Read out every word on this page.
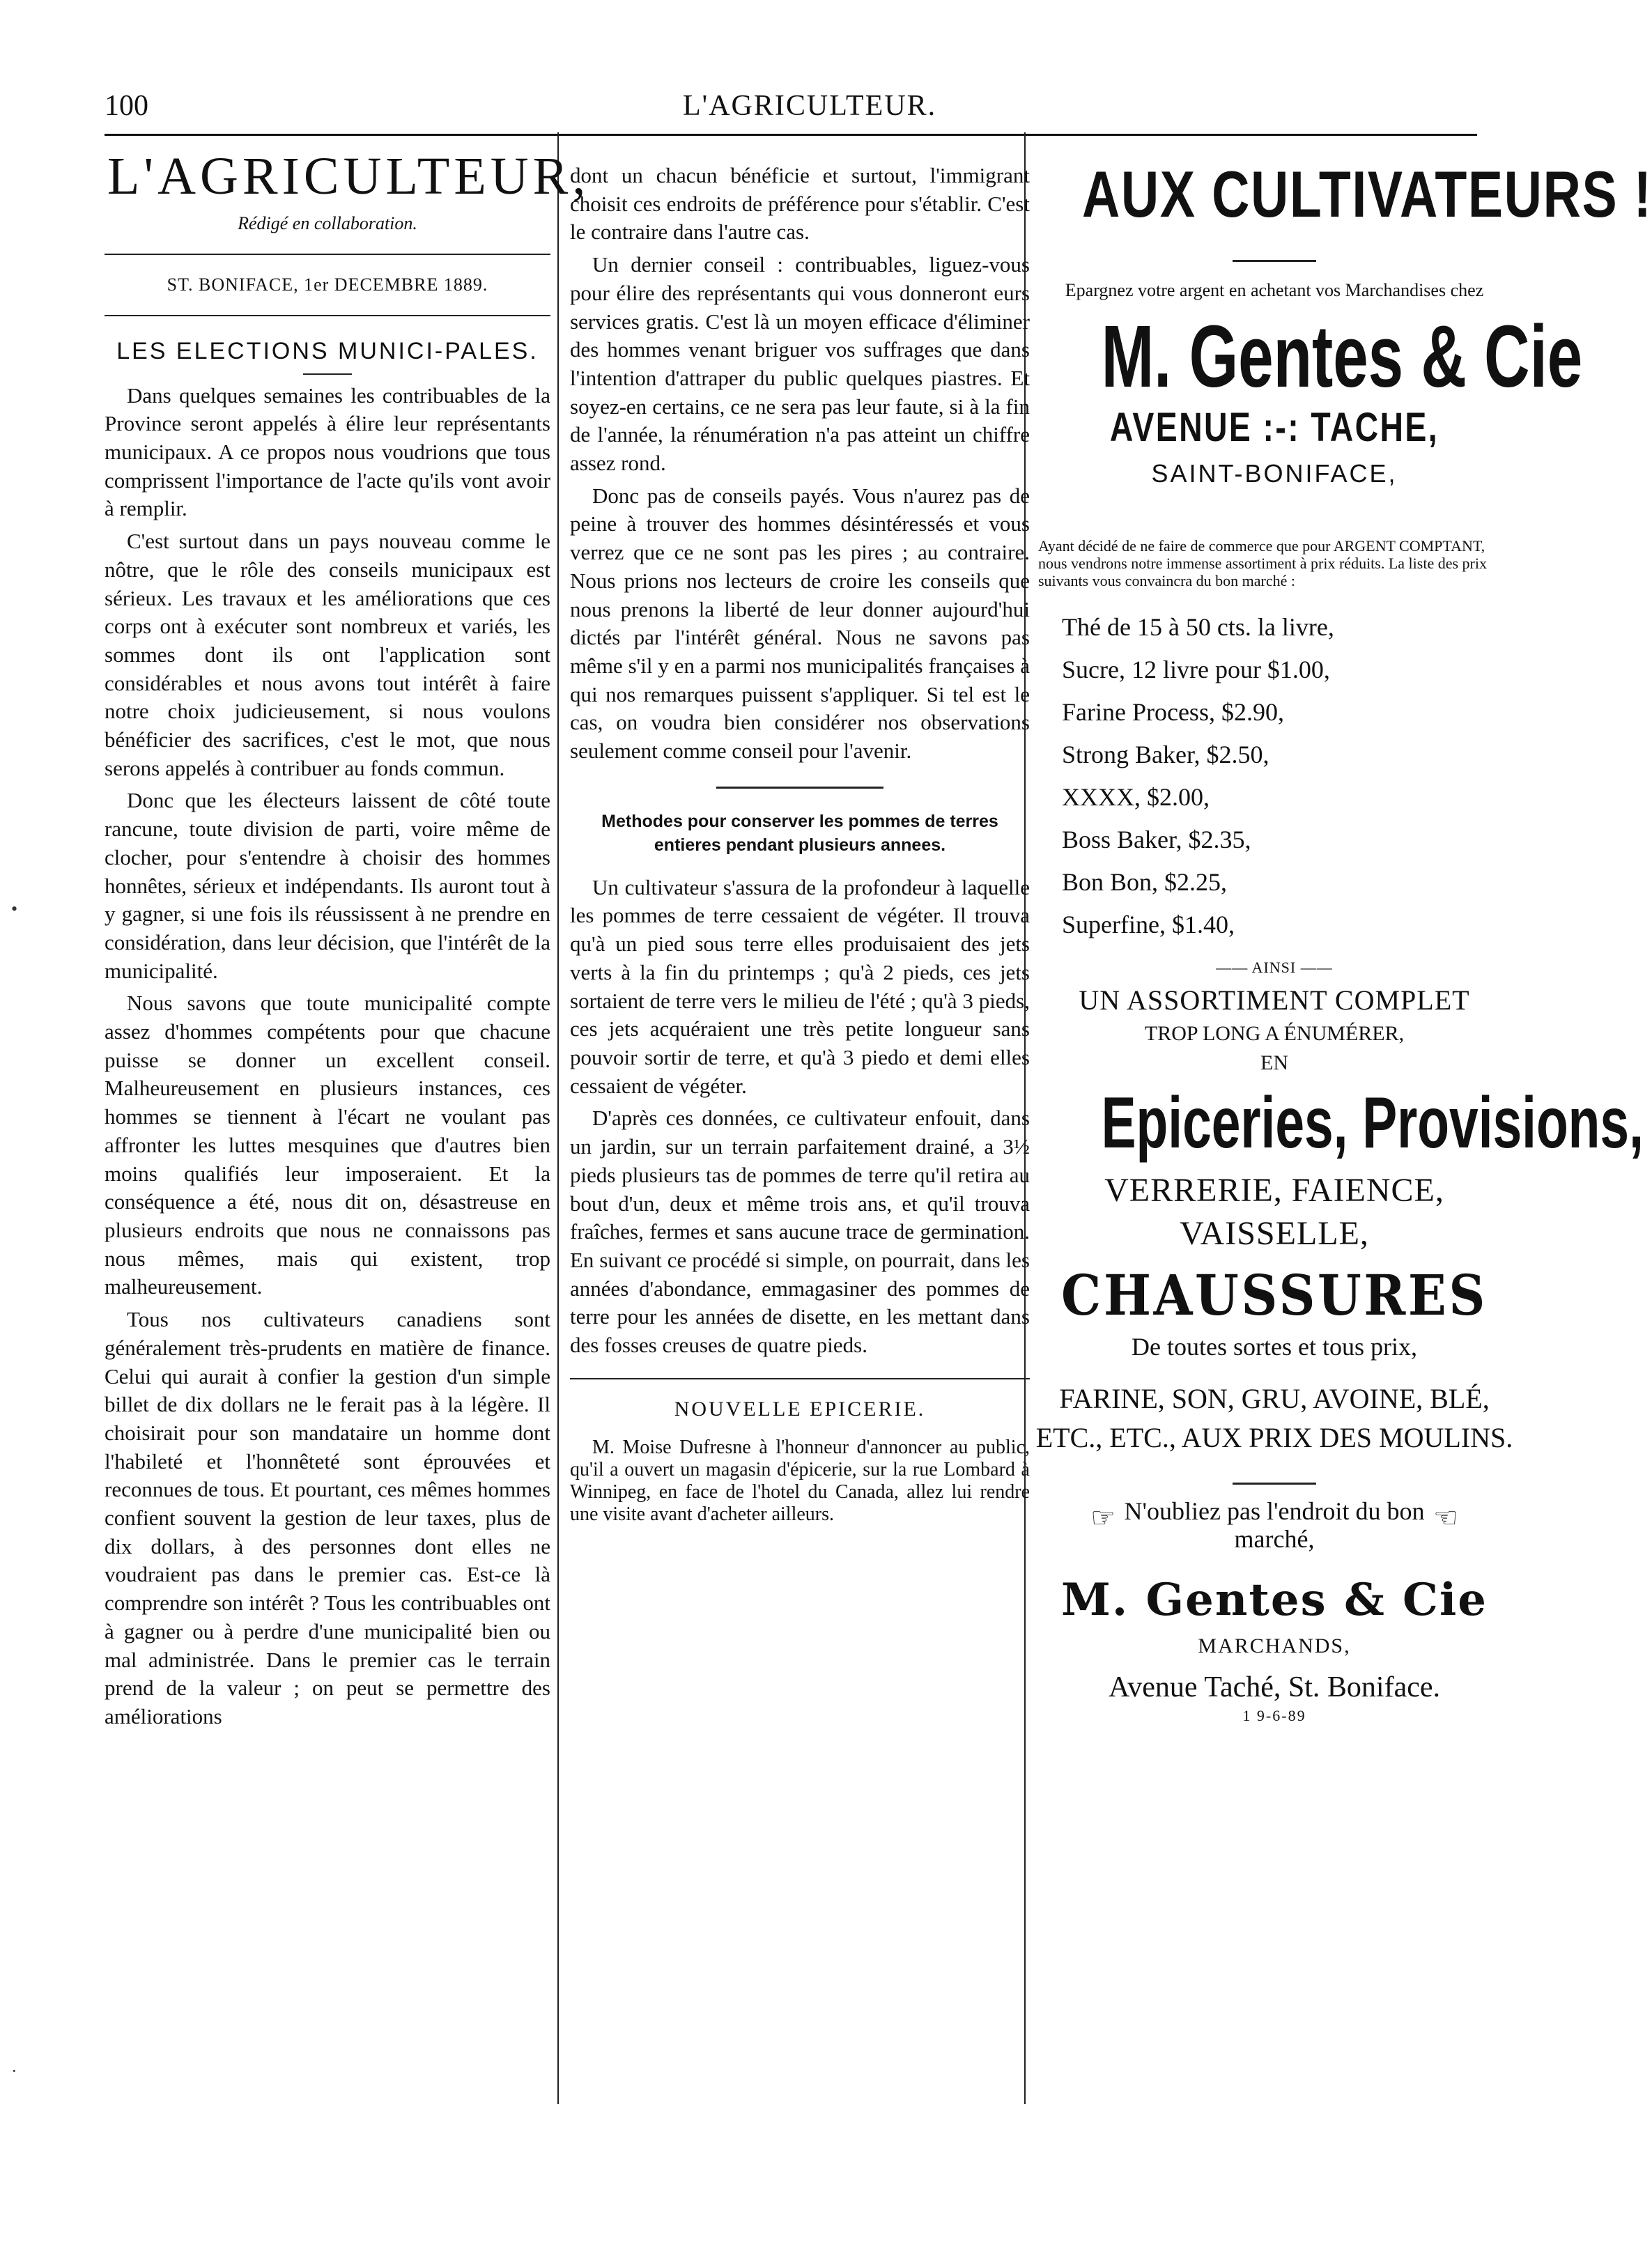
100	L'AGRICULTEUR.
•
·
L'AGRICULTEUR,
Rédigé en collaboration.
ST. BONIFACE, 1er DECEMBRE 1889.
LES ELECTIONS MUNICI-PALES.

Dans quelques semaines les contribuables de la Province seront appelés à élire leur représentants municipaux. A ce propos nous voudrions que tous comprissent l'importance de l'acte qu'ils vont avoir à remplir.

C'est surtout dans un pays nouveau comme le nôtre, que le rôle des conseils municipaux est sérieux. Les travaux et les améliorations que ces corps ont à exécuter sont nombreux et variés, les sommes dont ils ont l'application sont considérables et nous avons tout intérêt à faire notre choix judicieusement, si nous voulons bénéficier des sacrifices, c'est le mot, que nous serons appelés à contribuer au fonds commun.

Donc que les électeurs laissent de côté toute rancune, toute division de parti, voire même de clocher, pour s'entendre à choisir des hommes honnêtes, sérieux et indépendants. Ils auront tout à y gagner, si une fois ils réussissent à ne prendre en considération, dans leur décision, que l'intérêt de la municipalité.

Nous savons que toute municipalité compte assez d'hommes compétents pour que chacune puisse se donner un excellent conseil. Malheureusement en plusieurs instances, ces hommes se tiennent à l'écart ne voulant pas affronter les luttes mesquines que d'autres bien moins qualifiés leur imposeraient. Et la conséquence a été, nous dit on, désastreuse en plusieurs endroits que nous ne connaissons pas nous mêmes, mais qui existent, trop malheureusement.

Tous nos cultivateurs canadiens sont généralement très-prudents en matière de finance. Celui qui aurait à confier la gestion d'un simple billet de dix dollars ne le ferait pas à la légère. Il choisirait pour son mandataire un homme dont l'habileté et l'honnêteté sont éprouvées et reconnues de tous. Et pourtant, ces mêmes hommes confient souvent la gestion de leur taxes, plus de dix dollars, à des personnes dont elles ne voudraient pas dans le premier cas. Est-ce là comprendre son intérêt ? Tous les contribuables ont à gagner ou à perdre d'une municipalité bien ou mal administrée. Dans le premier cas le terrain prend de la valeur ; on peut se permettre des améliorations

dont un chacun bénéficie et surtout, l'immigrant choisit ces endroits de préférence pour s'établir. C'est le contraire dans l'autre cas.

Un dernier conseil : contribuables, liguez-vous pour élire des représentants qui vous donneront eurs services gratis. C'est là un moyen efficace d'éliminer des hommes venant briguer vos suffrages que dans l'intention d'attraper du public quelques piastres. Et soyez-en certains, ce ne sera pas leur faute, si à la fin de l'année, la rénumération n'a pas atteint un chiffre assez rond.

Donc pas de conseils payés. Vous n'aurez pas de peine à trouver des hommes désintéressés et vous verrez que ce ne sont pas les pires ; au contraire. Nous prions nos lecteurs de croire les conseils que nous prenons la liberté de leur donner aujourd'hui dictés par l'intérêt général. Nous ne savons pas même s'il y en a parmi nos municipalités françaises à qui nos remarques puissent s'appliquer. Si tel est le cas, on voudra bien considérer nos observations seulement comme conseil pour l'avenir.

Methodes pour conserver les pommes de terres entieres pendant plusieurs annees.

Un cultivateur s'assura de la profondeur à laquelle les pommes de terre cessaient de végéter. Il trouva qu'à un pied sous terre elles produisaient des jets verts à la fin du printemps ; qu'à 2 pieds, ces jets sortaient de terre vers le milieu de l'été ; qu'à 3 pieds, ces jets acquéraient une très petite longueur sans pouvoir sortir de terre, et qu'à 3 piedo et demi elles cessaient de végéter.

D'après ces données, ce cultivateur enfouit, dans un jardin, sur un terrain parfaitement drainé, a 3½ pieds plusieurs tas de pommes de terre qu'il retira au bout d'un, deux et même trois ans, et qu'il trouva fraîches, fermes et sans aucune trace de germination. En suivant ce procédé si simple, on pourrait, dans les années d'abondance, emmagasiner des pommes de terre pour les années de disette, en les mettant dans des fosses creuses de quatre pieds.

NOUVELLE EPICERIE.

M. Moise Dufresne à l'honneur d'annoncer au public, qu'il a ouvert un magasin d'épicerie, sur la rue Lombard à Winnipeg, en face de l'hotel du Canada, allez lui rendre une visite avant d'acheter ailleurs.

AUX CULTIVATEURS !
Epargnez votre argent en achetant vos Marchandises chez
M. Gentes & Cie
AVENUE :-: TACHE,
SAINT-BONIFACE,
Ayant décidé de ne faire de commerce que pour ARGENT COMPTANT, nous vendrons notre immense assortiment à prix réduits. La liste des prix suivants vous convaincra du bon marché :
Thé de 15 à 50 cts. la livre,
Sucre, 12 livre pour $1.00,
Farine Process, $2.90,
Strong Baker, $2.50,
XXXX, $2.00,
Boss Baker, $2.35,
Bon Bon, $2.25,
Superfine, $1.40,
—— AINSI ——
UN ASSORTIMENT COMPLET
TROP LONG A ÉNUMÉRER,
EN
Epiceries, Provisions,
VERRERIE, FAIENCE, VAISSELLE,
CHAUSSURES
De toutes sortes et tous prix,
FARINE, SON, GRU, AVOINE, BLÉ, ETC., ETC., AUX PRIX DES MOULINS.
☞ N'oubliez pas l'endroit du bon marché,
☜
M. Gentes & Cie
MARCHANDS,
Avenue Taché, St. Boniface.
1 9-6-89
